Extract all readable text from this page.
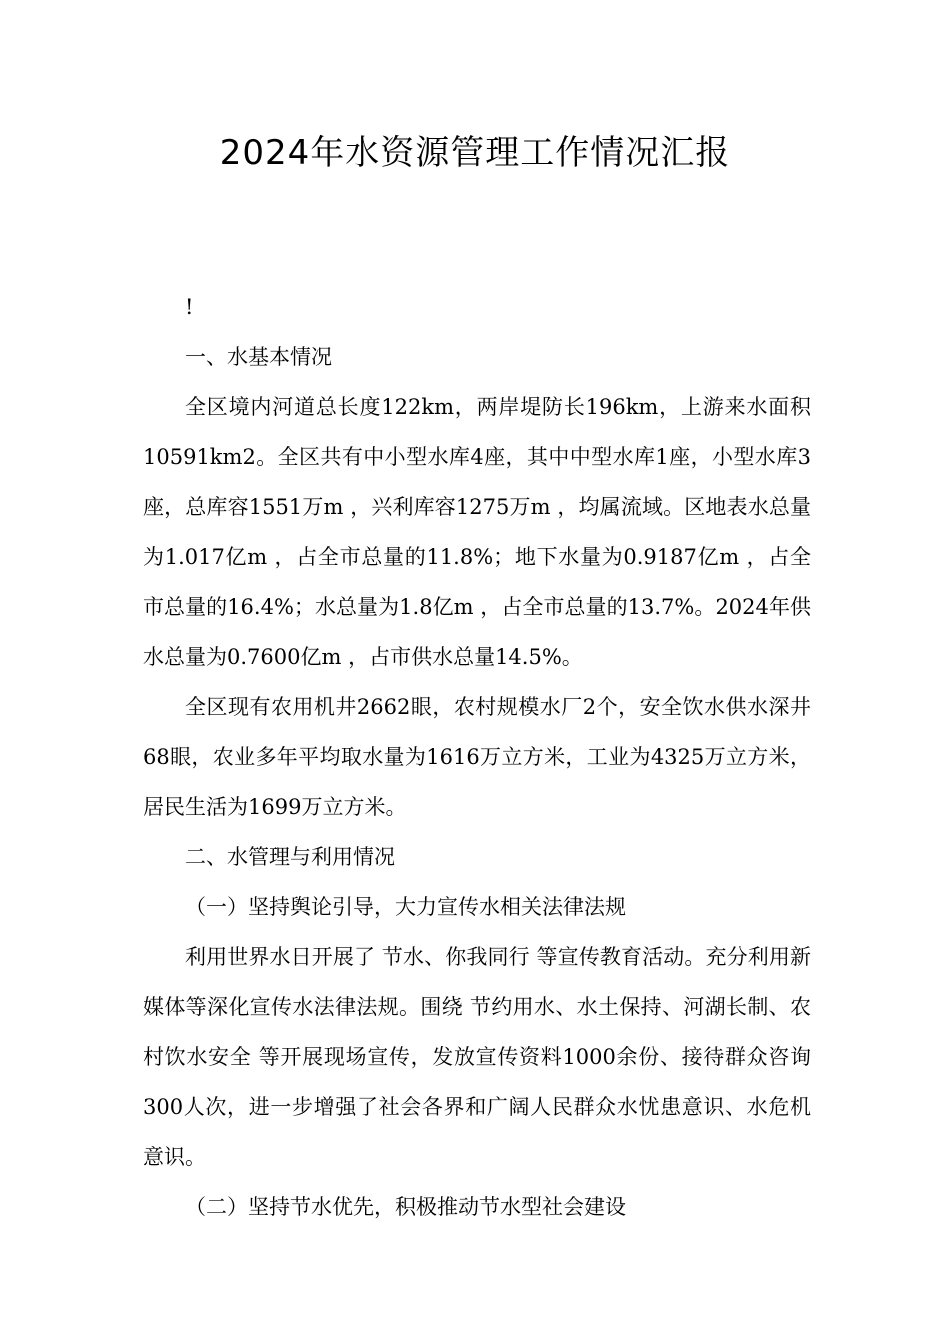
2024年水资源管理工作情况汇报

!

一、水基本情况

全区境内河道总长度122km，两岸堤防长196km，上游来水面积10591km2。全区共有中小型水库4座，其中中型水库1座，小型水库3座，总库容1551万m ，兴利库容1275万m ，均属流域。区地表水总量为1.017亿m ，占全市总量的11.8%；地下水量为0.9187亿m ，占全市总量的16.4%；水总量为1.8亿m ，占全市总量的13.7%。2024年供水总量为0.7600亿m ，占市供水总量14.5%。

全区现有农用机井2662眼，农村规模水厂2个，安全饮水供水深井68眼，农业多年平均取水量为1616万立方米，工业为4325万立方米，居民生活为1699万立方米。

二、水管理与利用情况

（一）坚持舆论引导，大力宣传水相关法律法规

利用世界水日开展了 节水、你我同行 等宣传教育活动。充分利用新媒体等深化宣传水法律法规。围绕 节约用水、水土保持、河湖长制、农村饮水安全 等开展现场宣传，发放宣传资料1000余份、接待群众咨询300人次，进一步增强了社会各界和广阔人民群众水忧患意识、水危机意识。

（二）坚持节水优先，积极推动节水型社会建设
